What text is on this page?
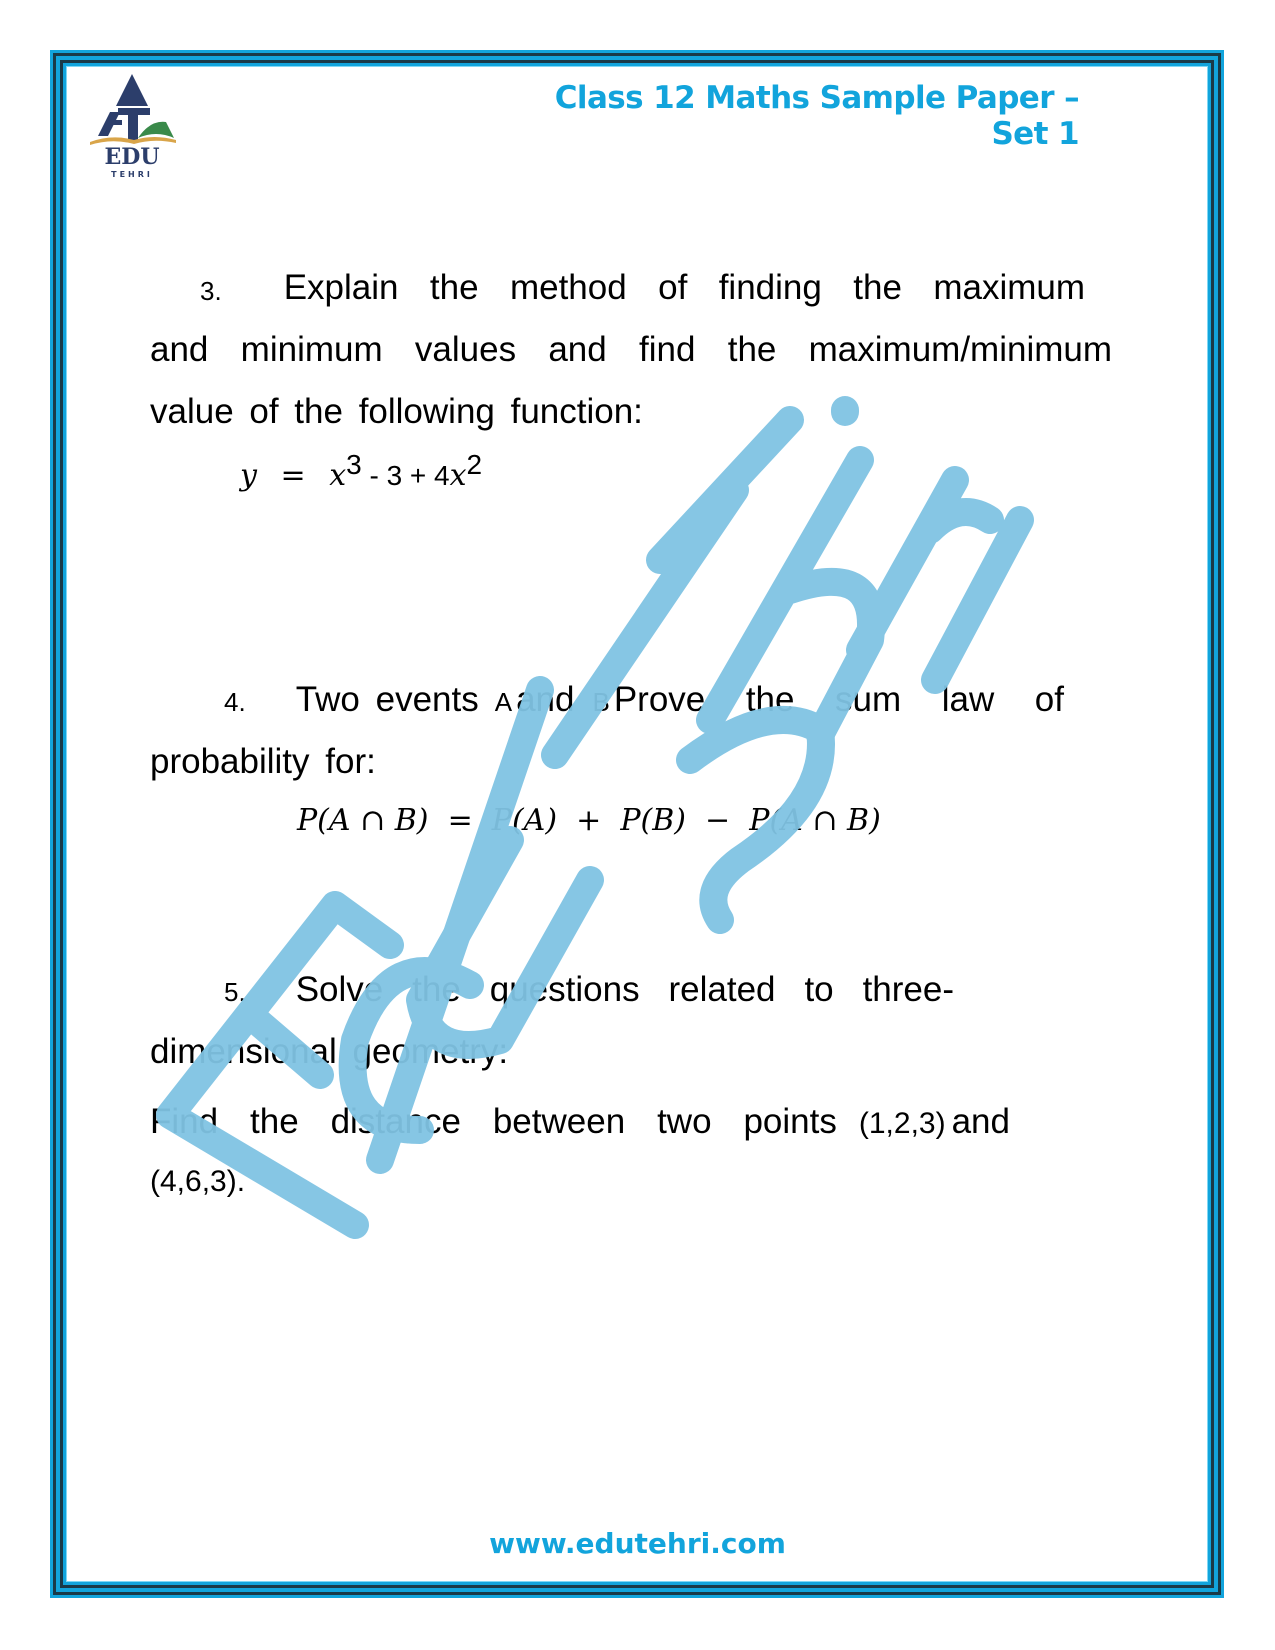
EDU
TEHRI
Class 12 Maths Sample Paper – Set 1
3. Explain the method of finding the maximum
and minimum values and find the maximum/minimum
value of the following function:
$y = x^3 - 3 + 4x^2$
4. Two events A and B Prove the sum law of
probability for:
P(A ∩ B)  =  P(A)  +  P(B)  −  P(A ∩ B)
5. Solve the questions related to three-
dimensional geometry:
Find the distance between two points (1,2,3) and
(4,6,3).
www.edutehri.com
